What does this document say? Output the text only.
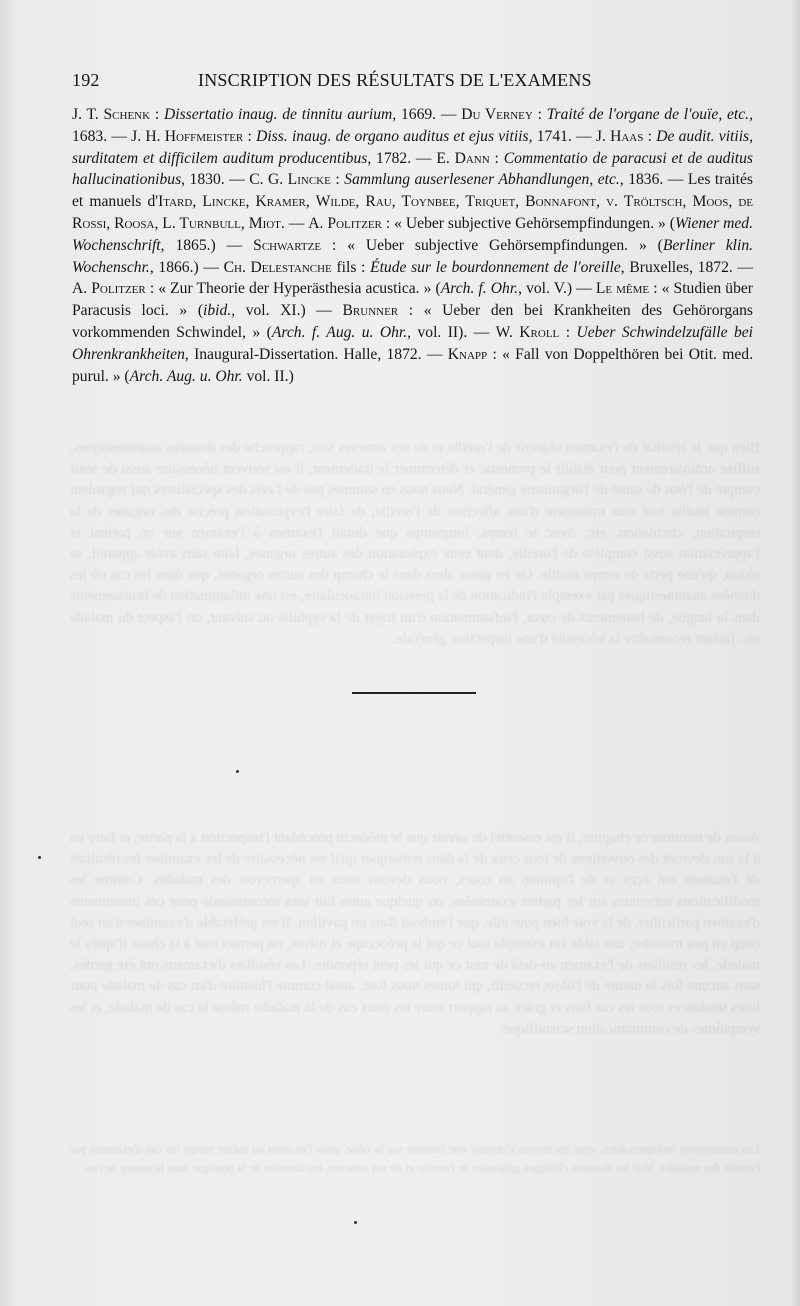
Bien que le résultat de l'examen objectif de l'oreille et de ses annexes soit, rapproché des données anamnestiques, suffise ordinairement pour établir le pronostic et déterminer le traitement, il est souvent nécessaire aussi de tenir compte de l'état de santé de l'organisme général. Nous nous en sommes pas de l'avis des spécialistes qui regardent comme inutile tout tout traitement d'une affection de l'oreille, de faire l'exploration précise des organes de la respiration, circulation, etc. Avec le temps, longtemps que durait l'examen à l'examen sur un patient et l'appréciation aussi complète de l'oreille, dont cette exploration des autres organes, faite sans avoir appareil, se réduit, qu'une perte de temps inutile. On en passe alors dans le champ des autres organes, que dans les cas où les données anamnestiques par exemple l'indication de la pression intraoculaire, est une inflammation de bruissements dans la langue, de battements de cœur, l'inflammation d'un trajet de la syphilis ou suivant, on l'aspect du malade etc. faisant reconnaître la nécessité d'une inspection générale.
Avant de terminer ce chapitre, il est essentiel de savoir que le médecin procédant l'inspection à la partie, et faire en à la sur, devront des ouvertures de tous ceux de la dans remarquer qu'il est nécessaire de les examiner les résultats de l'examen ont écrit et de l'opinion au cours, nous devons nous en apercevoir des malades. Comme les modifications survenues sur les parties examinées, ou quelque autre fait sera recommandé pour ces instruments d'examen particulier, de la voie bien pour elle, que l'embout dans un pavillon. Il est préférable d'examiner d'un seul coup en peu moindre, une table cet exemple tout ce qui la préoccupe et même, on permet tout à la chose d'après le malade, les résultats de l'examen au-delà de tout ce qui les peut répondre. Les résultats d'examens ont été gardés, sans aucune fois la nature de l'objet recueilli, qui toutes nous font, aussi comme l'histoire d'un cas de malade pour leurs tendances tous les cas faits et grâce au rapport entre les deux cas de la maladie même le cas de malade, et les symptômes de communication scientifique.
Les instruments indispensables, avec un moyen d'obtenir une lumière sur la table, pour l'examen au même temps les cas d'examens par l'entrée des malades. Voir les données cliniques générales de l'oreille et de ses annexes, les données de la pratique dans la nature de cas.
192	INSCRIPTION DES RÉSULTATS DE L'EXAMENS

J. T. Schenk : Dissertatio inaug. de tinnitu aurium, 1669. — Du Verney : Traité de l'organe de l'ouïe, etc., 1683. — J. H. Hoffmeister : Diss. inaug. de organo auditus et ejus vitiis, 1741. — J. Haas : De audit. vitiis, surditatem et difficilem auditum producentibus, 1782. — E. Dann : Commentatio de paracusi et de auditus hallucinationibus, 1830. — C. G. Lincke : Sammlung auserlesener Abhandlungen, etc., 1836. — Les traités et manuels d'Itard, Lincke, Kramer, Wilde, Rau, Toynbee, Triquet, Bonnafont, v. Tröltsch, Moos, de Rossi, Roosa, L. Turnbull, Miot. — A. Politzer : « Ueber subjective Gehörsempfindungen. » (Wiener med. Wochenschrift, 1865.) — Schwartze : « Ueber subjective Gehörsempfindungen. » (Berliner klin. Wochenschr., 1866.) — Ch. Delestanche fils : Étude sur le bourdonnement de l'oreille, Bruxelles, 1872. — A. Politzer : « Zur Theorie der Hyperästhesia acustica. » (Arch. f. Ohr., vol. V.) — Le même : « Studien über Paracusis loci. » (ibid., vol. XI.) — Brunner : « Ueber den bei Krankheiten des Gehörorgans vorkommenden Schwindel, » (Arch. f. Aug. u. Ohr., vol. II). — W. Kroll : Ueber Schwindelzufälle bei Ohrenkrankheiten, Inaugural-Dissertation. Halle, 1872. — Knapp : « Fall von Doppelthören bei Otit. med. purul. » (Arch. Aug. u. Ohr. vol. II.)
